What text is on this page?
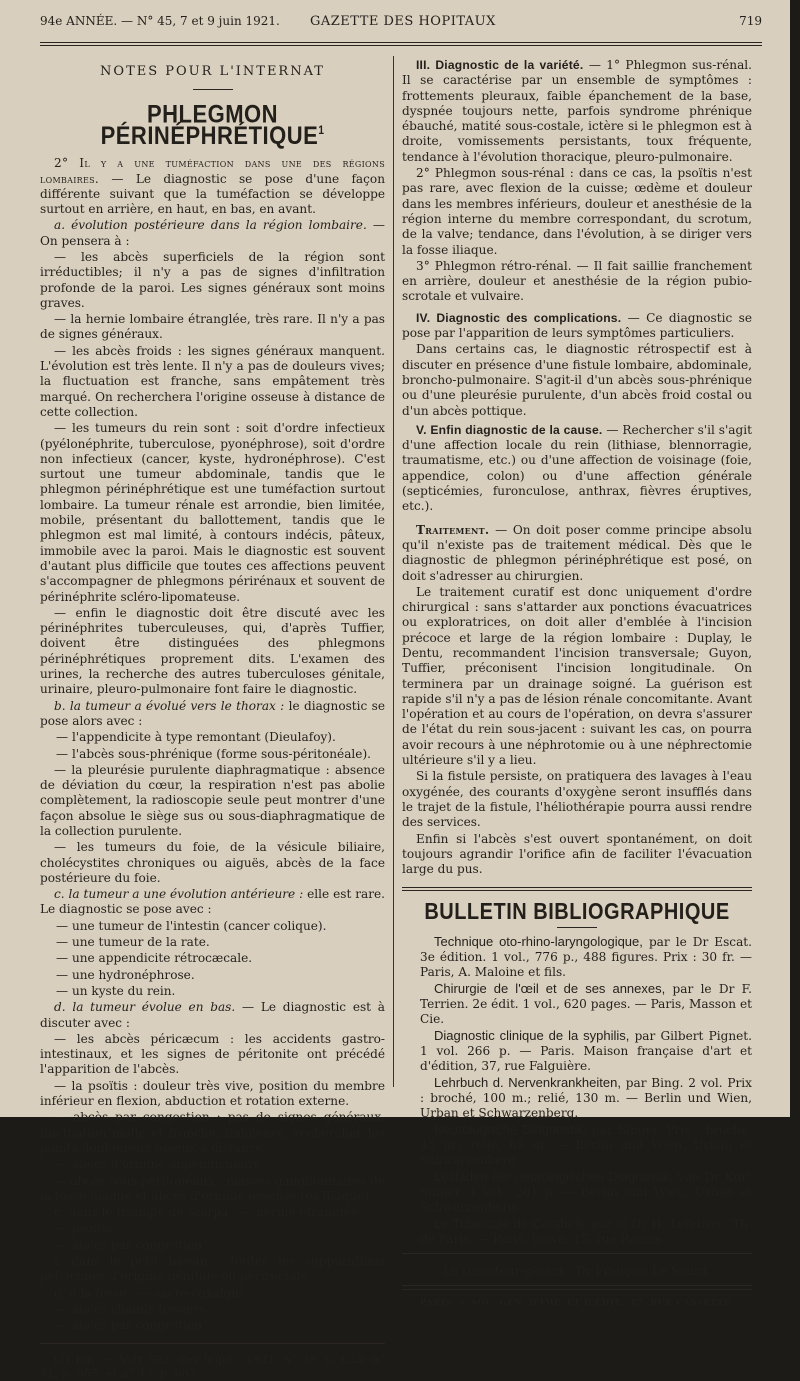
94e ANNÉE. — N° 45, 7 et 9 juin 1921. GAZETTE DES HOPITAUX	719
NOTES POUR L'INTERNAT
PHLEGMON PÉRINÉPHRÉTIQUE$^1$

2° Il y a une tuméfaction dans une des régions lombaires. — Le diagnostic se pose d'une façon différente suivant que la tuméfaction se développe surtout en arrière, en haut, en bas, en avant.

a. évolution postérieure dans la région lombaire. — On pensera à :

— les abcès superficiels de la région sont irréductibles; il n'y a pas de signes d'infiltration profonde de la paroi. Les signes généraux sont moins graves.

— la hernie lombaire étranglée, très rare. Il n'y a pas de signes généraux.

— les abcès froids : les signes généraux manquent. L'évolution est très lente. Il n'y a pas de douleurs vives; la fluctuation est franche, sans empâtement très marqué. On recherchera l'origine osseuse à distance de cette collection.

— les tumeurs du rein sont : soit d'ordre infectieux (pyélonéphrite, tuberculose, pyonéphrose), soit d'ordre non infectieux (cancer, kyste, hydronéphrose). C'est surtout une tumeur abdominale, tandis que le phlegmon périnéphrétique est une tuméfaction surtout lombaire. La tumeur rénale est arrondie, bien limitée, mobile, présentant du ballottement, tandis que le phlegmon est mal limité, à contours indécis, pâteux, immobile avec la paroi. Mais le diagnostic est souvent d'autant plus difficile que toutes ces affections peuvent s'accompagner de phlegmons périrénaux et souvent de périnéphrite scléro-lipomateuse.

— enfin le diagnostic doit être discuté avec les périnéphrites tuberculeuses, qui, d'après Tuffier, doivent être distinguées des phlegmons périnéphrétiques proprement dits. L'examen des urines, la recherche des autres tuberculoses génitale, urinaire, pleuro-pulmonaire font faire le diagnostic.

b. la tumeur a évolué vers le thorax : le diagnostic se pose alors avec :

— l'appendicite à type remontant (Dieulafoy).

— l'abcès sous-phrénique (forme sous-péritonéale).

— la pleurésie purulente diaphragmatique : absence de déviation du cœur, la respiration n'est pas abolie complètement, la radioscopie seule peut montrer d'une façon absolue le siège sus ou sous-diaphragmatique de la collection purulente.

— les tumeurs du foie, de la vésicule biliaire, cholécystites chroniques ou aiguës, abcès de la face postérieure du foie.

c. la tumeur a une évolution antérieure : elle est rare. Le diagnostic se pose avec :

— une tumeur de l'intestin (cancer colique).

— une tumeur de la rate.

— une appendicite rétrocæcale.

— une hydronéphrose.

— un kyste du rein.

d. la tumeur évolue en bas. — Le diagnostic est à discuter avec :

— les abcès péricæcum : les accidents gastro-intestinaux, et les signes de péritonite ont précédé l'apparition de l'abcès.

— la psoïtis : douleur très vive, position du membre inférieur en flexion, abduction et rotation externe.

— abcès par congestion : pas de signes généraux, fluctuation molle et franche, indolence, rechercher les points douloureux osseux à distance.

— abcès d'origine appendiculaire.

— abcès sous-péritonéaux : masses ganglionnaires de la fosse iliaque et abcès d'origine osseuse (os iliaque).

e. dans le triangle de scarpa : — hernie étranglée.

— psoïtis.

— abcès par congestion.

f. dans le petit bassin : toutes les suppurations pelviennes d'origine génitale ou périrectale.

g. à la fesse : — sacro-coxalgie.

— abcès chauds fessiers.

— abcès par congestion.

(1) Fin. — Voir Gaz. des hôpit., 1921, n° 39, p. 623; n° 41, p. 655, et n° 43, p. 687.

III. Diagnostic de la variété. — 1° Phlegmon sus-rénal. Il se caractérise par un ensemble de symptômes : frottements pleuraux, faible épanchement de la base, dyspnée toujours nette, parfois syndrome phrénique ébauché, matité sous-costale, ictère si le phlegmon est à droite, vomissements persistants, toux fréquente, tendance à l'évolution thoracique, pleuro-pulmonaire.

2° Phlegmon sous-rénal : dans ce cas, la psoïtis n'est pas rare, avec flexion de la cuisse; œdème et douleur dans les membres inférieurs, douleur et anesthésie de la région interne du membre correspondant, du scrotum, de la valve; tendance, dans l'évolution, à se diriger vers la fosse iliaque.

3° Phlegmon rétro-rénal. — Il fait saillie franchement en arrière, douleur et anesthésie de la région pubio-scrotale et vulvaire.

IV. Diagnostic des complications. — Ce diagnostic se pose par l'apparition de leurs symptômes particuliers.

Dans certains cas, le diagnostic rétrospectif est à discuter en présence d'une fistule lombaire, abdominale, broncho-pulmonaire. S'agit-il d'un abcès sous-phrénique ou d'une pleurésie purulente, d'un abcès froid costal ou d'un abcès pottique.

V. Enfin diagnostic de la cause. — Rechercher s'il s'agit d'une affection locale du rein (lithiase, blennorragie, traumatisme, etc.) ou d'une affection de voisinage (foie, appendice, colon) ou d'une affection générale (septicémies, furonculose, anthrax, fièvres éruptives, etc.).

Traitement. — On doit poser comme principe absolu qu'il n'existe pas de traitement médical. Dès que le diagnostic de phlegmon périnéphrétique est posé, on doit s'adresser au chirurgien.

Le traitement curatif est donc uniquement d'ordre chirurgical : sans s'attarder aux ponctions évacuatrices ou exploratrices, on doit aller d'emblée à l'incision précoce et large de la région lombaire : Duplay, le Dentu, recommandent l'incision transversale; Guyon, Tuffier, préconisent l'incision longitudinale. On terminera par un drainage soigné. La guérison est rapide s'il n'y a pas de lésion rénale concomitante. Avant l'opération et au cours de l'opération, on devra s'assurer de l'état du rein sous-jacent : suivant les cas, on pourra avoir recours à une néphrotomie ou à une néphrectomie ultérieure s'il y a lieu.

Si la fistule persiste, on pratiquera des lavages à l'eau oxygénée, des courants d'oxygène seront insufflés dans le trajet de la fistule, l'héliothérapie pourra aussi rendre des services.

Enfin si l'abcès s'est ouvert spontanément, on doit toujours agrandir l'orifice afin de faciliter l'évacuation large du pus.

BULLETIN BIBLIOGRAPHIQUE

Technique oto-rhino-laryngologique, par le Dr Escat. 3e édition. 1 vol., 776 p., 488 figures. Prix : 30 fr. — Paris, A. Maloine et fils.

Chirurgie de l'œil et de ses annexes, par le Dr F. Terrien. 2e édit. 1 vol., 620 pages. — Paris, Masson et Cie.

Diagnostic clinique de la syphilis, par Gilbert Pignet. 1 vol. 266 p. — Paris. Maison française d'art et d'édition, 37, rue Falguière.

Lehrbuch d. Nervenkrankheiten, par Bing. 2 vol. Prix : broché, 100 m.; relié, 130 m. — Berlin und Wien, Urban et Schwarzenberg.

Neurologische Diagnostik, par Singer. Prix : broché, 45 m.; relié, 68 m. — Berlin und Wien, Urban et Schwarzenberg.

Leitfaden der neurologischen Diagnostik, von Dr Kurt Singer. 1 vol., 201 p. — Berlin und Wien, Urban et Schwarzenberg.

Le Tubercule de Carabelli, par le Dr H. Lefebvre. Th. de Paris. — Paris, Jouve, 15, rue Racine.

Le Directeur-gérant : Dr François Le Sourd.
PARIS. — SOC. GÉN. D'IMP. ET D'ÉDIT., 17, RUE CASSETTE.
